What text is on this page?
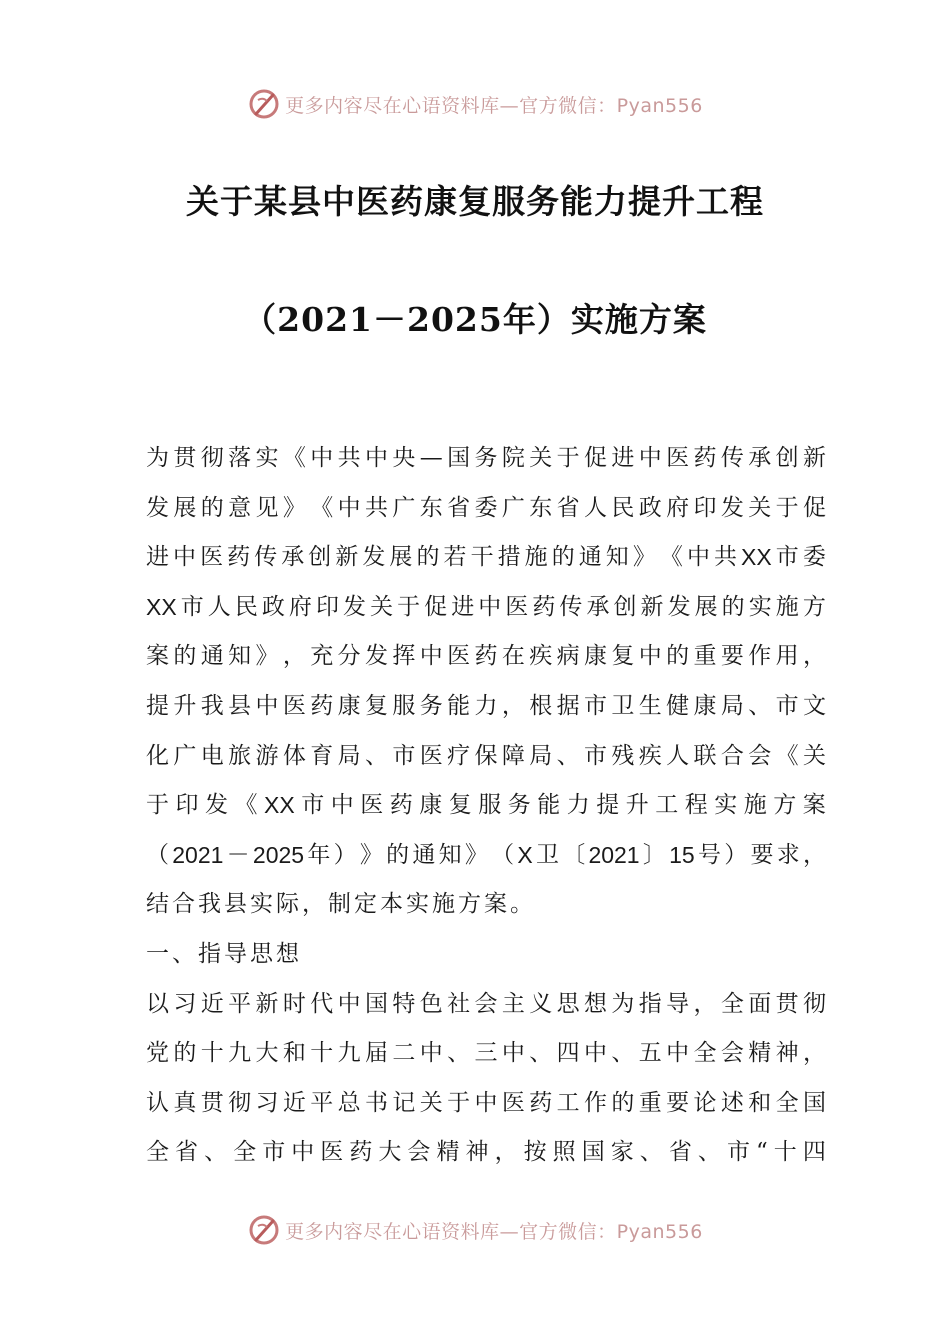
更多内容尽在心语资料库—官方微信：Pyan556
关于某县中医药康复服务能力提升工程
（2021－2025年）实施方案
为 贯 彻 落 实 《 中 共 中 央 — 国 务 院 关 于 促 进 中 医 药 传 承 创 新
发 展 的 意 见 》 《 中 共 广 东 省 委 广 东 省 人 民 政 府 印 发 关 于 促
进 中 医 药 传 承 创 新 发 展 的 若 干 措 施 的 通 知 》 《 中 共 XX 市 委
XX 市 人 民 政 府 印 发 关 于 促 进 中 医 药 传 承 创 新 发 展 的 实 施 方
案 的 通 知 》 ， 充 分 发 挥 中 医 药 在 疾 病 康 复 中 的 重 要 作 用 ，
提 升 我 县 中 医 药 康 复 服 务 能 力 ， 根 据 市 卫 生 健 康 局 、 市 文
化 广 电 旅 游 体 育 局 、 市 医 疗 保 障 局 、 市 残 疾 人 联 合 会 《 关
于 印 发 《 XX 市 中 医 药 康 复 服 务 能 力 提 升 工 程 实 施 方 案
（ 2021 － 2025 年 ） 》 的 通 知 》 （ X 卫 〔 2021 〕 15 号 ） 要 求 ，
结合我县实际，制定本实施方案。
一、指导思想
以 习 近 平 新 时 代 中 国 特 色 社 会 主 义 思 想 为 指 导 ， 全 面 贯 彻
党 的 十 九 大 和 十 九 届 二 中 、 三 中 、 四 中 、 五 中 全 会 精 神 ，
认 真 贯 彻 习 近 平 总 书 记 关 于 中 医 药 工 作 的 重 要 论 述 和 全 国
全 省 、 全 市 中 医 药 大 会 精 神 ， 按 照 国 家 、 省 、 市 “ 十 四
更多内容尽在心语资料库—官方微信：Pyan556
